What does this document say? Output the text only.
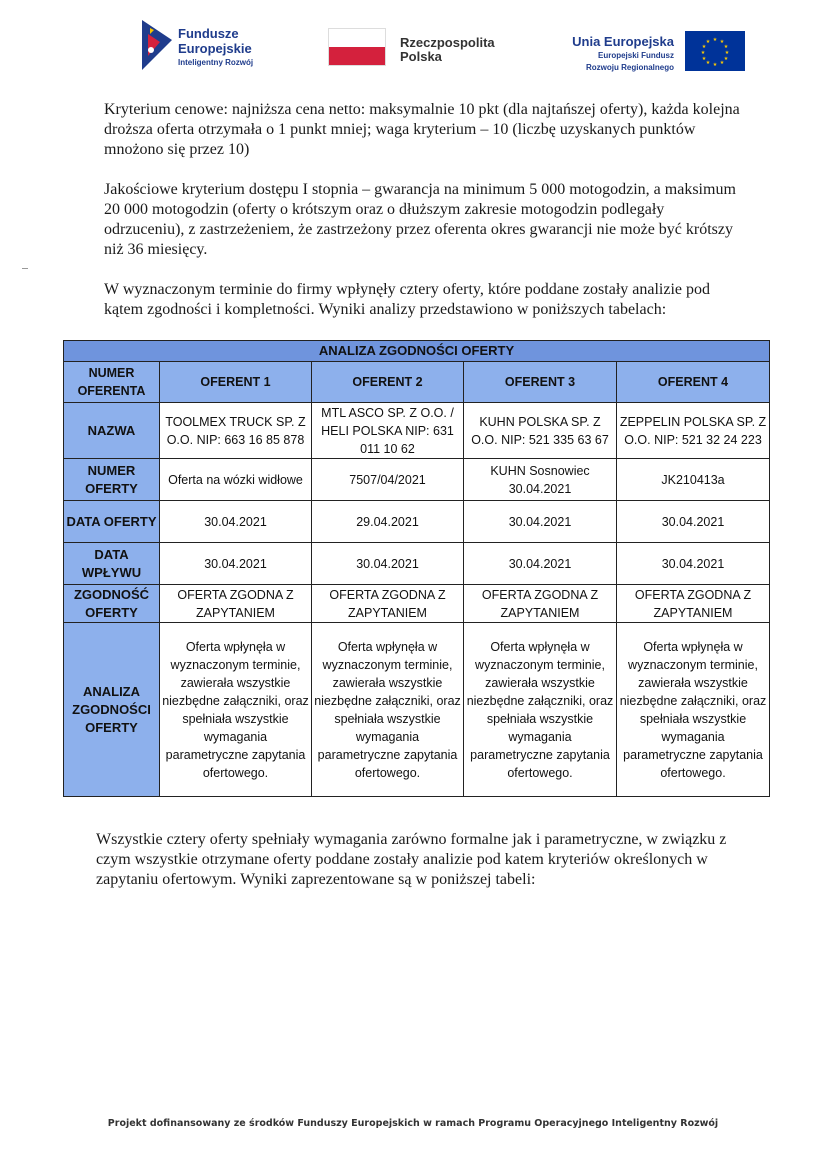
Fundusze
Europejskie
Inteligentny Rozwój
Rzeczpospolita
Polska
Unia Europejska
Europejski Fundusz
Rozwoju Regionalnego
★ ★
★
★
★
★
★
★
★
★
★
★

Kryterium cenowe: najniższa cena netto: maksymalnie 10 pkt (dla najtańszej oferty), każda kolejna droższa oferta otrzymała o 1 punkt mniej; waga kryterium – 10 (liczbę uzyskanych punktów mnożono się przez 10)

Jakościowe kryterium dostępu I stopnia – gwarancja na minimum 5 000 motogodzin, a maksimum 20 000 motogodzin (oferty o krótszym oraz o dłuższym zakresie motogodzin podlegały odrzuceniu), z zastrzeżeniem, że zastrzeżony przez oferenta okres gwarancji nie może być krótszy niż 36 miesięcy.

W wyznaczonym terminie do firmy wpłynęły cztery oferty, które poddane zostały analizie pod kątem zgodności i kompletności. Wyniki analizy przedstawiono w poniższych tabelach:

ANALIZA ZGODNOŚCI OFERTY				
NUMER OFERENTA	OFERENT 1	OFERENT 2	OFERENT 3	OFERENT 4
NAZWA	TOOLMEX TRUCK SP. Z O.O. NIP: 663 16 85 878	MTL ASCO SP. Z O.O. / HELI POLSKA NIP: 631 011 10 62	KUHN POLSKA SP. Z O.O. NIP: 521 335 63 67	ZEPPELIN POLSKA SP. Z O.O. NIP: 521 32 24 223
NUMER OFERTY	Oferta na wózki widłowe	7507/04/2021	KUHN Sosnowiec 30.04.2021	JK210413a
DATA OFERTY	30.04.2021	29.04.2021	30.04.2021	30.04.2021
DATA WPŁYWU	30.04.2021	30.04.2021	30.04.2021	30.04.2021
ZGODNOŚĆ OFERTY	OFERTA ZGODNA Z ZAPYTANIEM	OFERTA ZGODNA Z ZAPYTANIEM	OFERTA ZGODNA Z ZAPYTANIEM	OFERTA ZGODNA Z ZAPYTANIEM
ANALIZA ZGODNOŚCI OFERTY	Oferta wpłynęła w wyznaczonym terminie, zawierała wszystkie niezbędne załączniki, oraz spełniała wszystkie wymagania parametryczne zapytania ofertowego.	Oferta wpłynęła w wyznaczonym terminie, zawierała wszystkie niezbędne załączniki, oraz spełniała wszystkie wymagania parametryczne zapytania ofertowego.	Oferta wpłynęła w wyznaczonym terminie, zawierała wszystkie niezbędne załączniki, oraz spełniała wszystkie wymagania parametryczne zapytania ofertowego.	Oferta wpłynęła w wyznaczonym terminie, zawierała wszystkie niezbędne załączniki, oraz spełniała wszystkie wymagania parametryczne zapytania ofertowego.

Wszystkie cztery oferty spełniały wymagania zarówno formalne jak i parametryczne, w związku z czym wszystkie otrzymane oferty poddane zostały analizie pod katem kryteriów określonych w zapytaniu ofertowym. Wyniki zaprezentowane są w poniższej tabeli:

Projekt dofinansowany ze środków Funduszy Europejskich w ramach Programu Operacyjnego Inteligentny Rozwój
